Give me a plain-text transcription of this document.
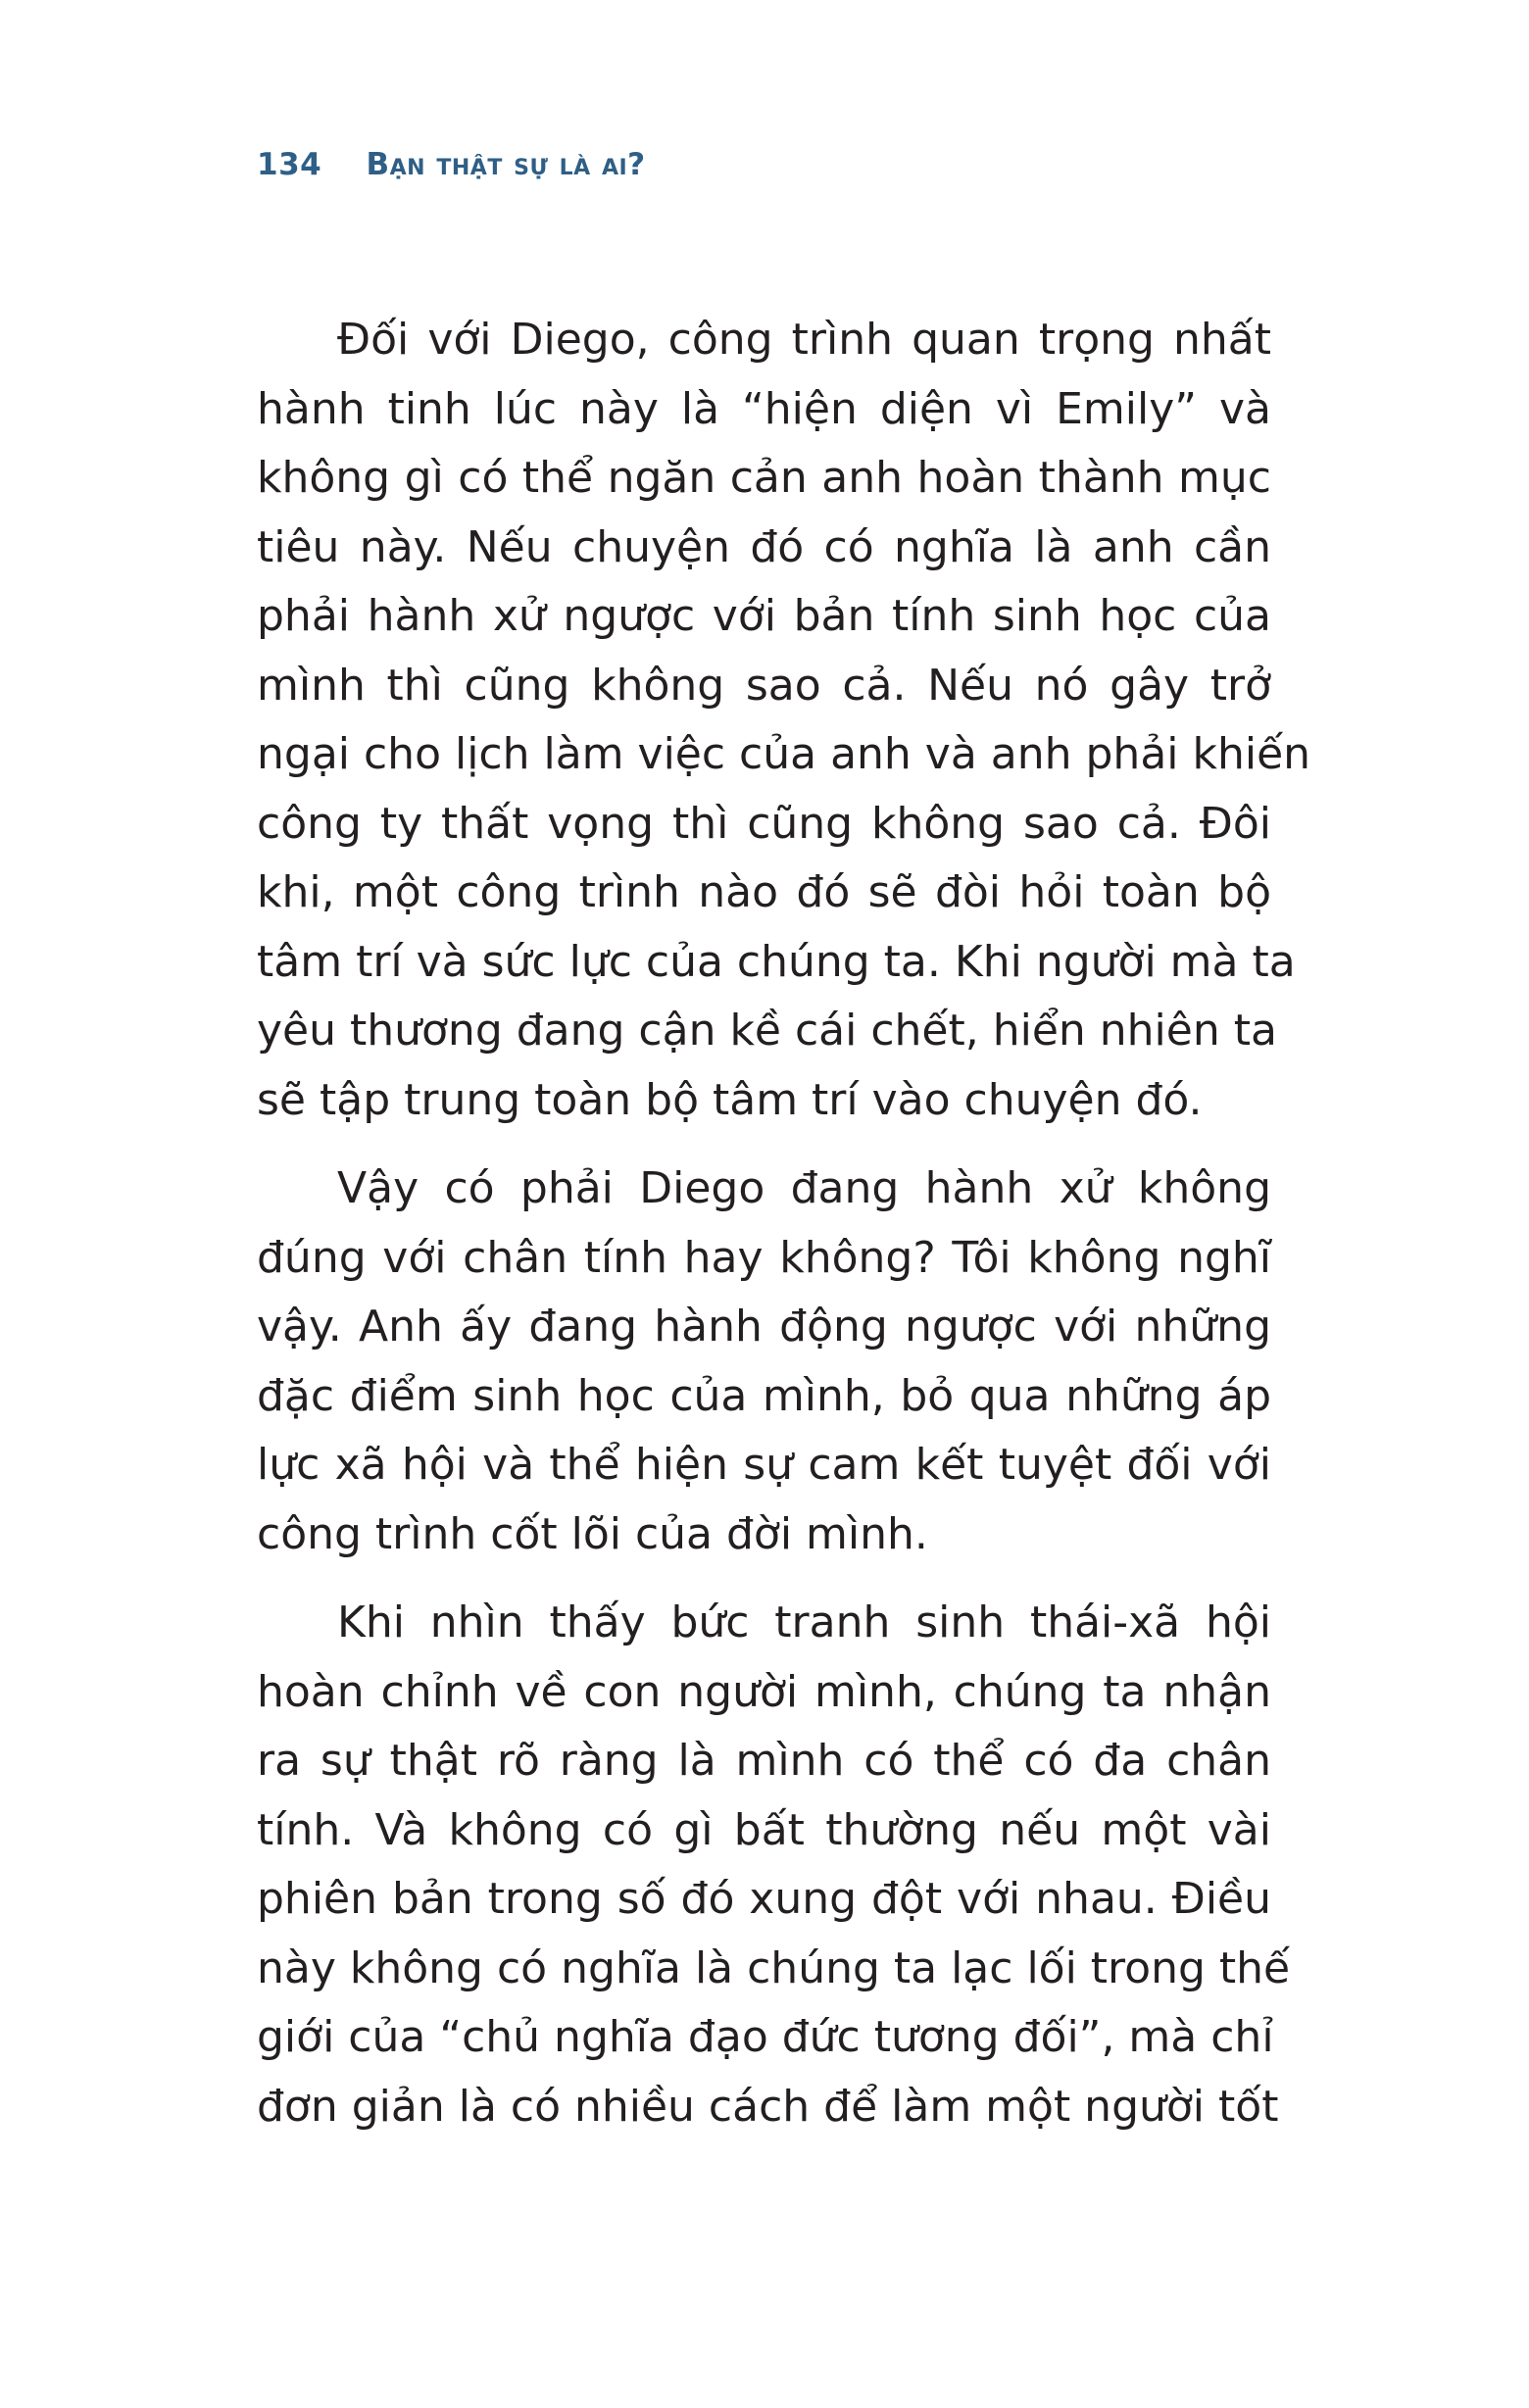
134 Bạn thật sự là ai?
Đối với Diego, công trình quan trọng nhất
hành tinh lúc này là “hiện diện vì Emily” và
không gì có thể ngăn cản anh hoàn thành mục
tiêu này. Nếu chuyện đó có nghĩa là anh cần
phải hành xử ngược với bản tính sinh học của
mình thì cũng không sao cả. Nếu nó gây trở
ngại cho lịch làm việc của anh và anh phải khiến
công ty thất vọng thì cũng không sao cả. Đôi
khi, một công trình nào đó sẽ đòi hỏi toàn bộ
tâm trí và sức lực của chúng ta. Khi người mà ta
yêu thương đang cận kề cái chết, hiển nhiên ta
sẽ tập trung toàn bộ tâm trí vào chuyện đó.
Vậy có phải Diego đang hành xử không
đúng với chân tính hay không? Tôi không nghĩ
vậy. Anh ấy đang hành động ngược với những
đặc điểm sinh học của mình, bỏ qua những áp
lực xã hội và thể hiện sự cam kết tuyệt đối với
công trình cốt lõi của đời mình.
Khi nhìn thấy bức tranh sinh thái-xã hội
hoàn chỉnh về con người mình, chúng ta nhận
ra sự thật rõ ràng là mình có thể có đa chân
tính. Và không có gì bất thường nếu một vài
phiên bản trong số đó xung đột với nhau. Điều
này không có nghĩa là chúng ta lạc lối trong thế
giới của “chủ nghĩa đạo đức tương đối”, mà chỉ
đơn giản là có nhiều cách để làm một người tốt
